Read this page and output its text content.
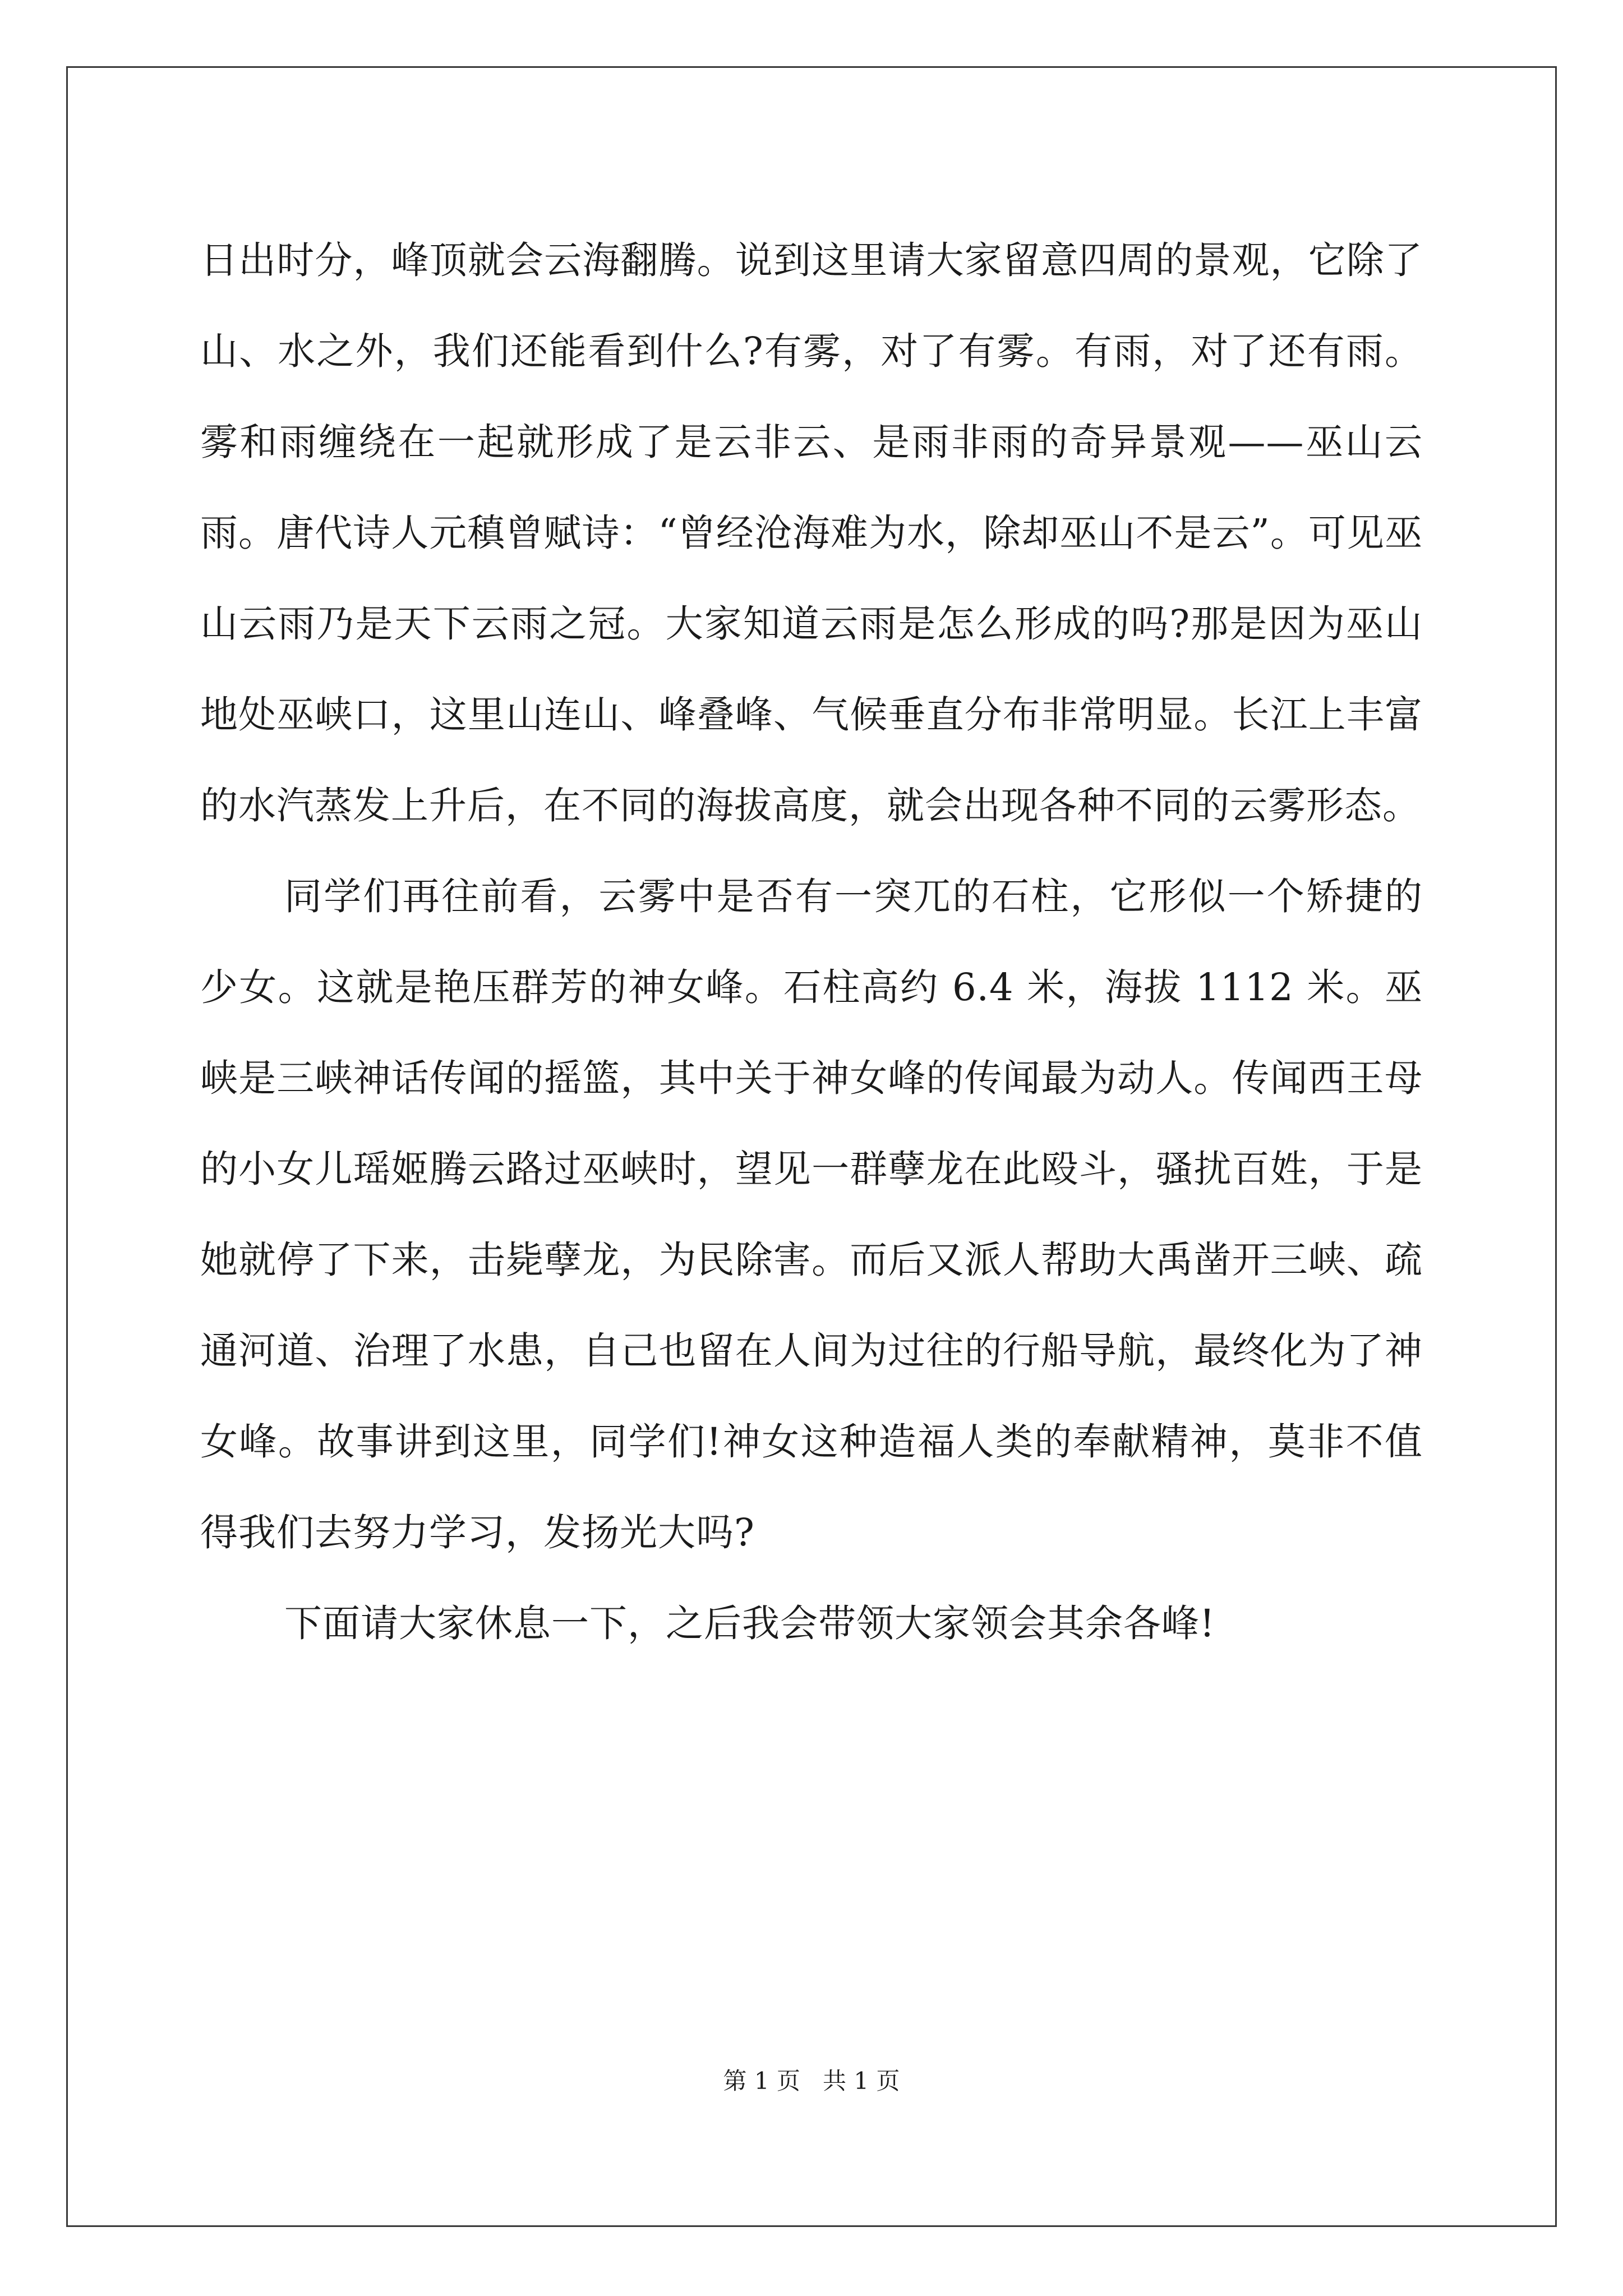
日出时分，峰顶就会云海翻腾。说到这里请大家留意四周的景观，它除了山、水之外，我们还能看到什么?有雾，对了有雾。有雨，对了还有雨。雾和雨缠绕在一起就形成了是云非云、是雨非雨的奇异景观——巫山云雨。唐代诗人元稹曾赋诗：“曾经沧海难为水，除却巫山不是云”。可见巫山云雨乃是天下云雨之冠。大家知道云雨是怎么形成的吗?那是因为巫山地处巫峡口，这里山连山、峰叠峰、气候垂直分布非常明显。长江上丰富的水汽蒸发上升后，在不同的海拔高度，就会出现各种不同的云雾形态。

同学们再往前看，云雾中是否有一突兀的石柱，它形似一个矫捷的少女。这就是艳压群芳的神女峰。石柱高约 6.4 米，海拔 1112 米。巫峡是三峡神话传闻的摇篮，其中关于神女峰的传闻最为动人。传闻西王母的小女儿瑶姬腾云路过巫峡时，望见一群孽龙在此殴斗，骚扰百姓，于是她就停了下来，击毙孽龙，为民除害。而后又派人帮助大禹凿开三峡、疏通河道、治理了水患，自己也留在人间为过往的行船导航，最终化为了神女峰。故事讲到这里，同学们!神女这种造福人类的奉献精神，莫非不值得我们去努力学习，发扬光大吗?

下面请大家休息一下，之后我会带领大家领会其余各峰!

第 1 页   共 1 页
